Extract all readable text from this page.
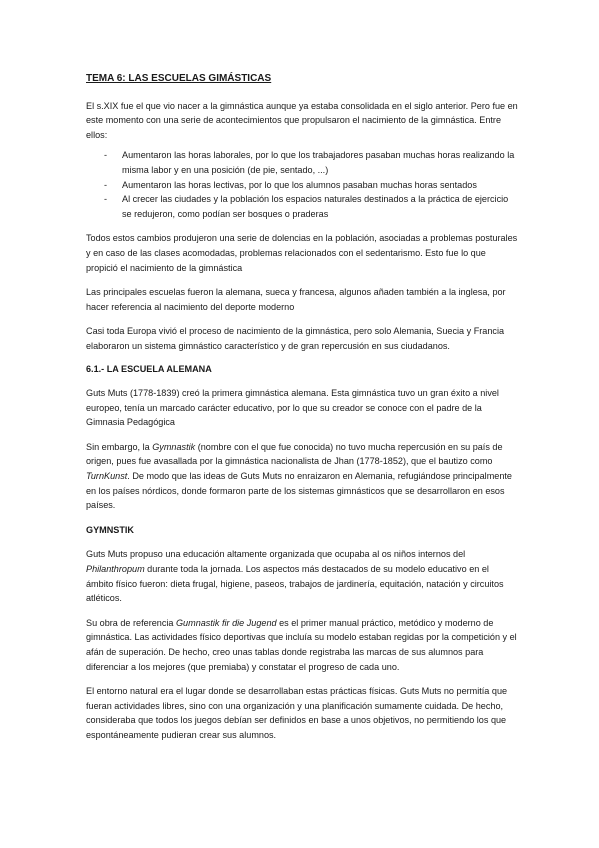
TEMA 6: LAS ESCUELAS GIMÁSTICAS

El s.XIX fue el que vio nacer a la gimnástica aunque ya estaba consolidada en el siglo anterior. Pero fue en este momento con una serie de acontecimientos que propulsaron el nacimiento de la gimnástica. Entre ellos:

- Aumentaron las horas laborales, por lo que los trabajadores pasaban muchas horas realizando la misma labor y en una posición (de pie, sentado, ...)
- Aumentaron las horas lectivas, por lo que los alumnos pasaban muchas horas sentados
- Al crecer las ciudades y la población los espacios naturales destinados a la práctica de ejercicio se redujeron, como podían ser bosques o praderas

Todos estos cambios produjeron una serie de dolencias en la población, asociadas a problemas posturales y en caso de las clases acomodadas, problemas relacionados con el sedentarismo. Esto fue lo que propició el nacimiento de la gimnástica

Las principales escuelas fueron la alemana, sueca y francesa, algunos añaden también a la inglesa, por hacer referencia al nacimiento del deporte moderno

Casi toda Europa vivió el proceso de nacimiento de la gimnástica, pero solo Alemania, Suecia y Francia elaboraron un sistema gimnástico característico y de gran repercusión en sus ciudadanos.

6.1.- LA ESCUELA ALEMANA

Guts Muts (1778-1839) creó la primera gimnástica alemana. Esta gimnástica tuvo un gran éxito a nivel europeo, tenía un marcado carácter educativo, por lo que su creador se conoce con el padre de la Gimnasia Pedagógica

Sin embargo, la Gymnastik (nombre con el que fue conocida) no tuvo mucha repercusión en su país de origen, pues fue avasallada por la gimnástica nacionalista de Jhan (1778-1852), que el bautizo como TurnKunst. De modo que las ideas de Guts Muts no enraizaron en Alemania, refugiándose principalmente en los países nórdicos, donde formaron parte de los sistemas gimnásticos que se desarrollaron en esos países.

GYMNSTIK

Guts Muts propuso una educación altamente organizada que ocupaba al os niños internos del Philanthropum durante toda la jornada. Los aspectos más destacados de su modelo educativo en el ámbito físico fueron: dieta frugal, higiene, paseos, trabajos de jardinería, equitación, natación y circuitos atléticos.

Su obra de referencia Gumnastik fir die Jugend es el primer manual práctico, metódico y moderno de gimnástica. Las actividades físico deportivas que incluía su modelo estaban regidas por la competición y el afán de superación. De hecho, creo unas tablas donde registraba las marcas de sus alumnos para diferenciar a los mejores (que premiaba) y constatar el progreso de cada uno.

El entorno natural era el lugar donde se desarrollaban estas prácticas físicas. Guts Muts no permitía que fueran actividades libres, sino con una organización y una planificación sumamente cuidada. De hecho, consideraba que todos los juegos debían ser definidos en base a unos objetivos, no permitiendo los que espontáneamente pudieran crear sus alumnos.
